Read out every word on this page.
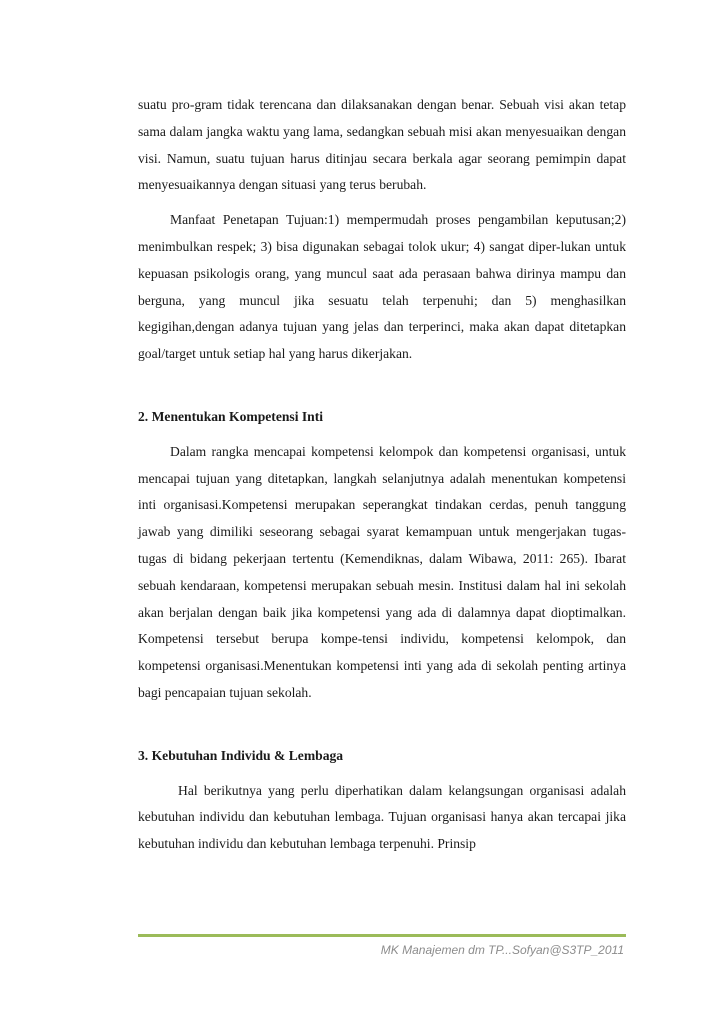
suatu pro-gram tidak terencana dan dilaksanakan dengan benar. Sebuah visi akan tetap sama dalam jangka waktu yang lama, sedangkan sebuah misi akan menyesuaikan dengan visi. Namun, suatu tujuan harus ditinjau secara berkala agar seorang pemimpin dapat menyesuaikannya dengan situasi yang terus berubah.

Manfaat Penetapan Tujuan:1) mempermudah proses pengambilan keputusan;2) menimbulkan respek; 3) bisa digunakan sebagai tolok ukur; 4) sangat diper-lukan untuk kepuasan psikologis orang, yang muncul saat ada perasaan bahwa dirinya mampu dan berguna, yang muncul jika sesuatu telah terpenuhi; dan 5) menghasilkan kegigihan,dengan adanya tujuan yang jelas dan terperinci, maka akan dapat ditetapkan goal/target untuk setiap hal yang harus dikerjakan.

2. Menentukan Kompetensi Inti

Dalam rangka mencapai kompetensi kelompok dan kompetensi organisasi, untuk mencapai tujuan yang ditetapkan, langkah selanjutnya adalah menentukan kompetensi inti organisasi.Kompetensi merupakan seperangkat tindakan cerdas, penuh tanggung jawab yang dimiliki seseorang sebagai syarat kemampuan untuk mengerjakan tugas-tugas di bidang pekerjaan tertentu (Kemendiknas, dalam Wibawa, 2011: 265). Ibarat sebuah kendaraan, kompetensi merupakan sebuah mesin. Institusi dalam hal ini sekolah akan berjalan dengan baik jika kompetensi yang ada di dalamnya dapat dioptimalkan. Kompetensi tersebut berupa kompe-tensi individu, kompetensi kelompok, dan kompetensi organisasi.Menentukan kompetensi inti yang ada di sekolah penting artinya bagi pencapaian tujuan sekolah.

3. Kebutuhan Individu & Lembaga

Hal berikutnya yang perlu diperhatikan dalam kelangsungan organisasi adalah kebutuhan individu dan kebutuhan lembaga. Tujuan organisasi hanya akan tercapai jika kebutuhan individu dan kebutuhan lembaga terpenuhi. Prinsip

MK Manajemen dm TP...Sofyan@S3TP_2011
